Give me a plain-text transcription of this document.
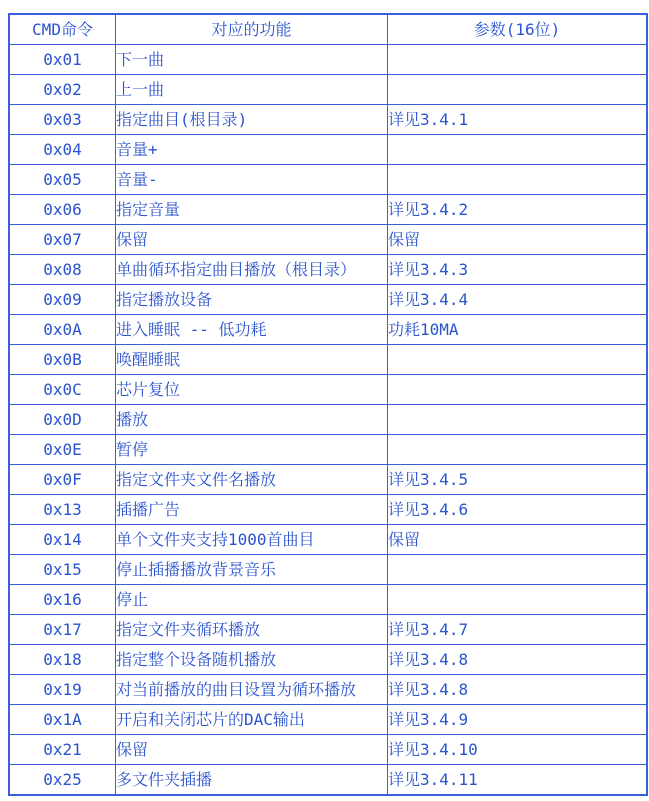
CMD命令	对应的功能	参数(16位)
0x01	下一曲	
0x02	上一曲	
0x03	指定曲目(根目录)	详见3.4.1
0x04	音量+	
0x05	音量-	
0x06	指定音量	详见3.4.2
0x07	保留	保留
0x08	单曲循环指定曲目播放（根目录）	详见3.4.3
0x09	指定播放设备	详见3.4.4
0x0A	进入睡眠 -- 低功耗	功耗10MA
0x0B	唤醒睡眠	
0x0C	芯片复位	
0x0D	播放	
0x0E	暂停	
0x0F	指定文件夹文件名播放	详见3.4.5
0x13	插播广告	详见3.4.6
0x14	单个文件夹支持1000首曲目	保留
0x15	停止插播播放背景音乐	
0x16	停止	
0x17	指定文件夹循环播放	详见3.4.7
0x18	指定整个设备随机播放	详见3.4.8
0x19	对当前播放的曲目设置为循环播放	详见3.4.8
0x1A	开启和关闭芯片的DAC输出	详见3.4.9
0x21	保留	详见3.4.10
0x25	多文件夹插播	详见3.4.11
